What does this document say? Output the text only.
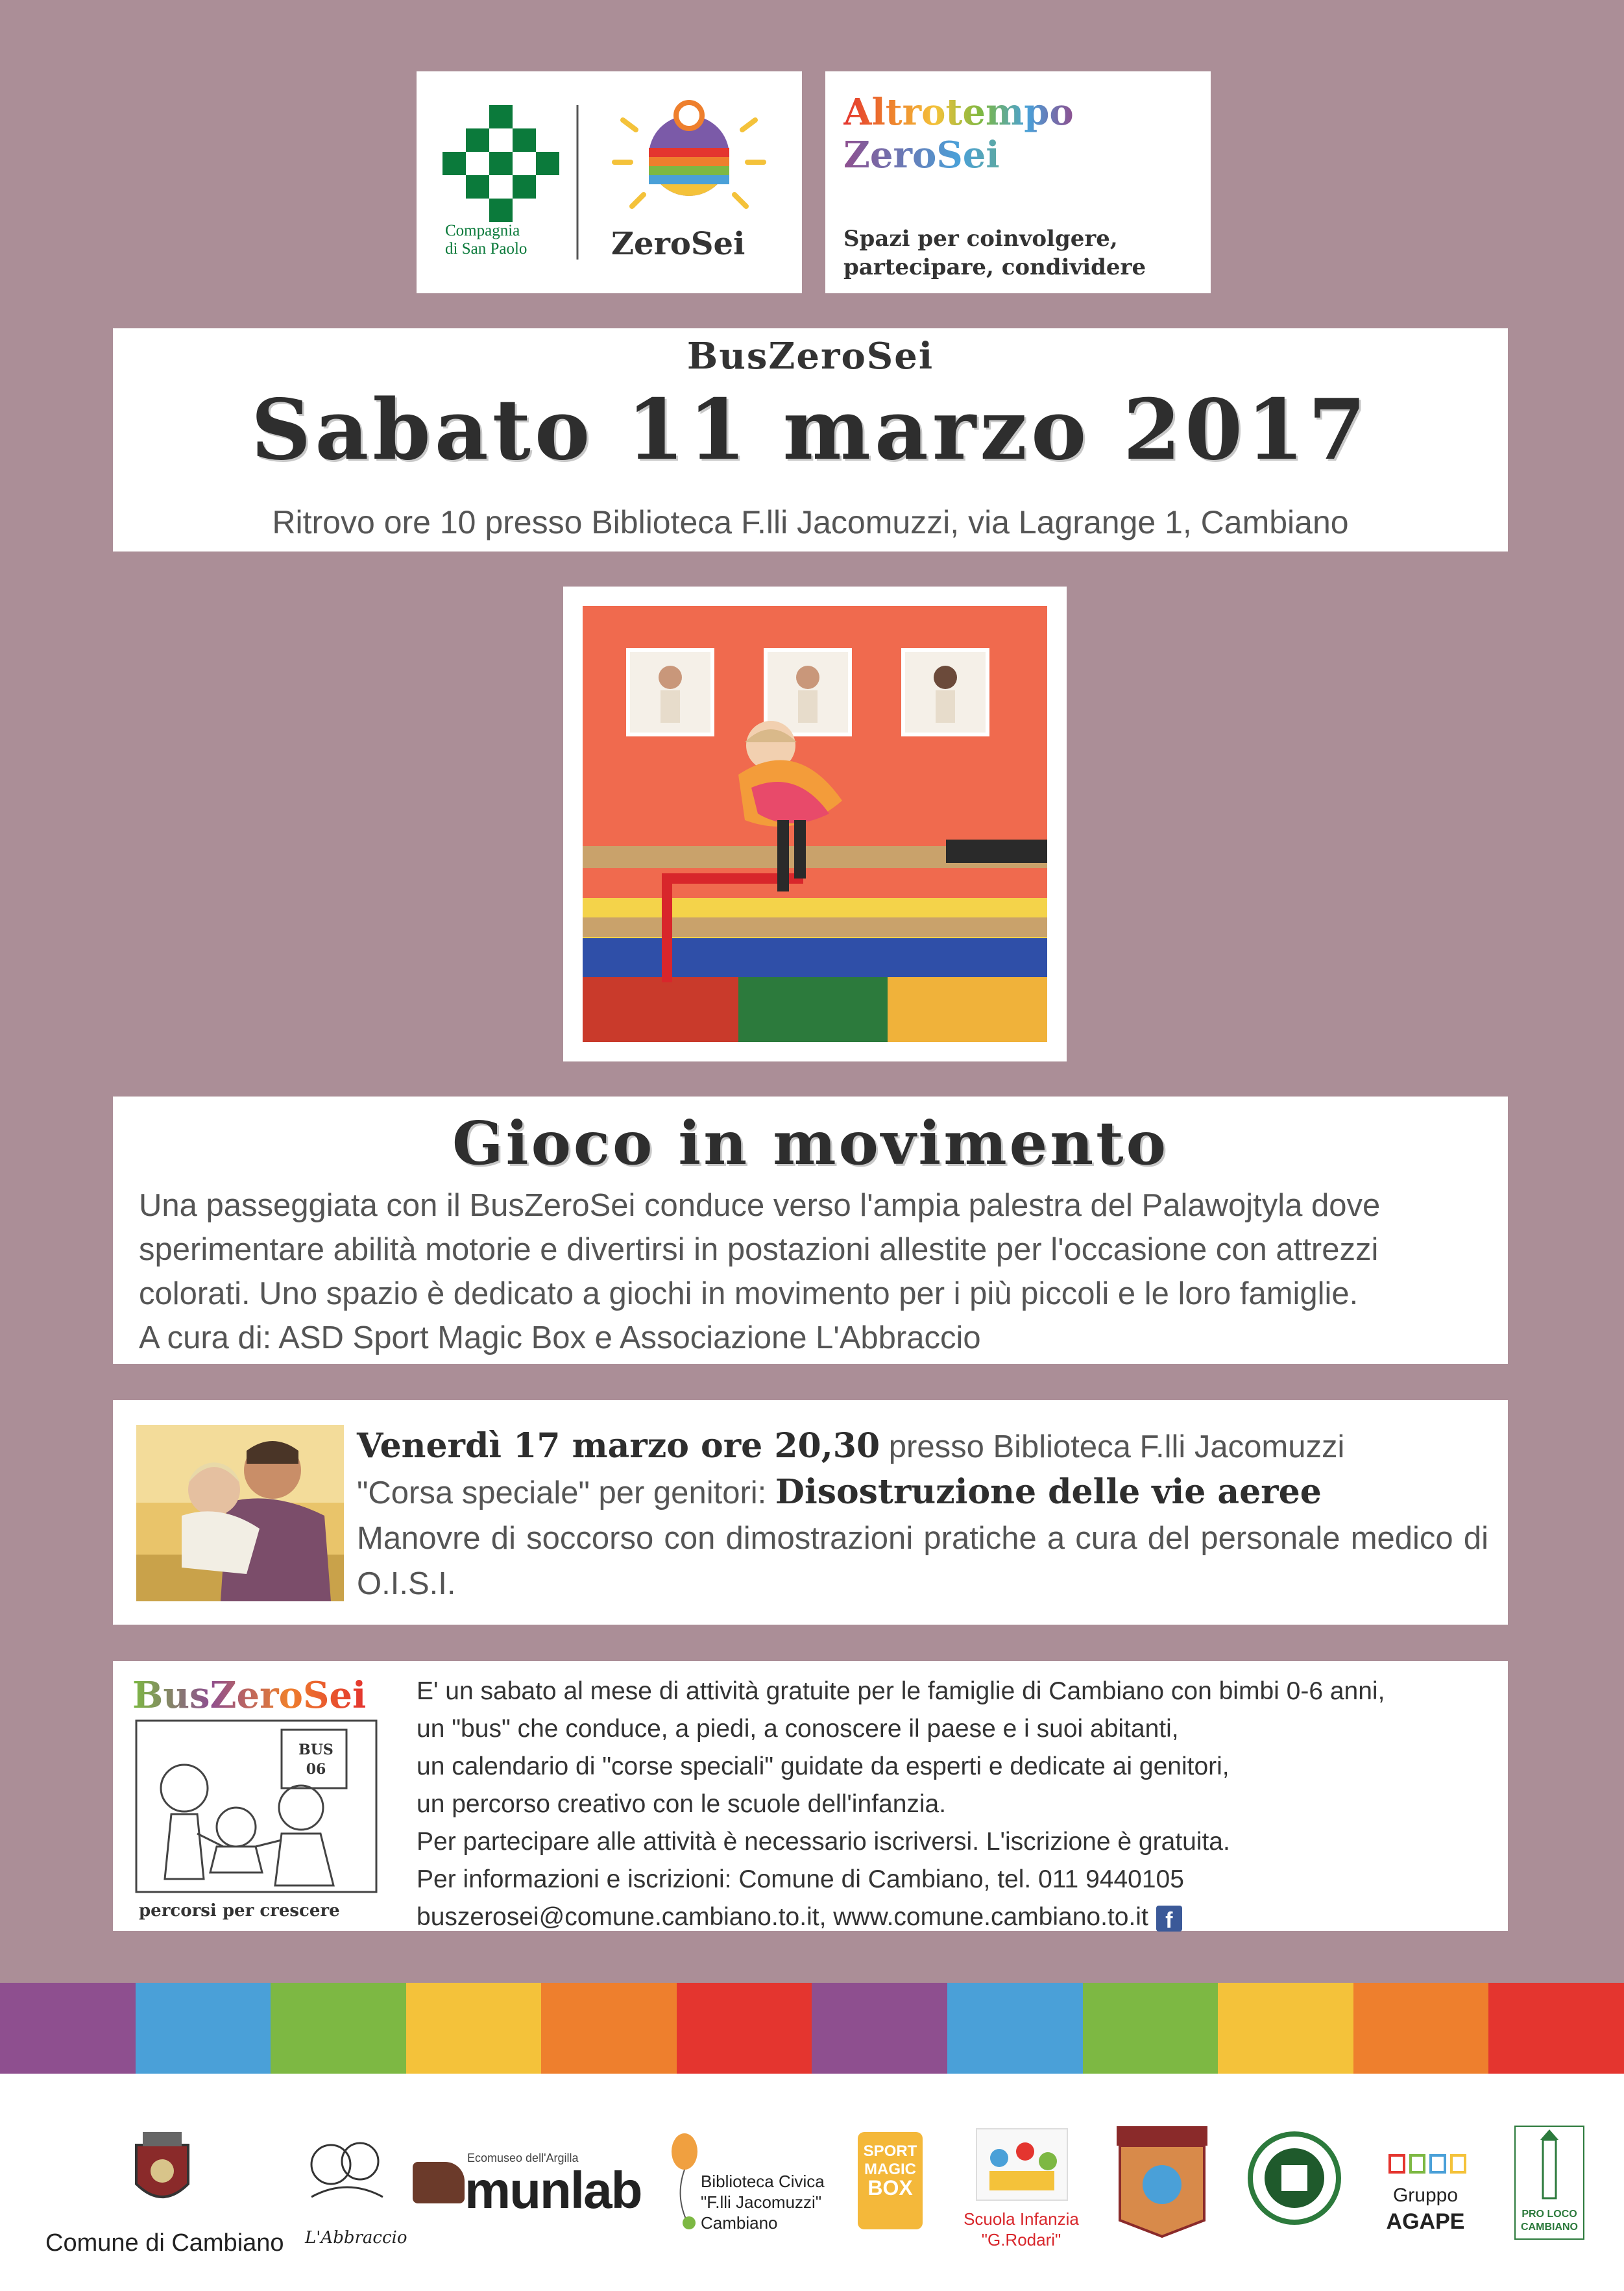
Compagnia
di San Paolo	ZeroSei
Altrotempo
ZeroSei
Spazi per coinvolgere,
partecipare, condividere
BusZeroSei
Sabato 11 marzo 2017
Ritrovo ore 10 presso Biblioteca F.lli Jacomuzzi, via Lagrange 1, Cambiano
Gioco in movimento
Una passeggiata con il BusZeroSei conduce verso l'ampia palestra del Palawojtyla dove
sperimentare abilità motorie e divertirsi in postazioni allestite per l'occasione con attrezzi
colorati. Uno spazio è dedicato a giochi in movimento per i più piccoli e le loro famiglie.
A cura di: ASD Sport Magic Box e Associazione L'Abbraccio
Venerdì 17 marzo ore 20,30 presso Biblioteca F.lli Jacomuzzi
"Corsa speciale" per genitori: Disostruzione delle vie aeree
Manovre di soccorso con dimostrazioni pratiche a cura del personale medico di O.I.S.I.
BusZeroSei
BUS
06
percorsi per crescere
E' un sabato al mese di attività gratuite per le famiglie di Cambiano con bimbi 0-6 anni,
un "bus" che conduce, a piedi, a conoscere il paese e i suoi abitanti,
un calendario di "corse speciali" guidate da esperti e dedicate ai genitori,
un percorso creativo con le scuole dell'infanzia.
Per partecipare alle attività è necessario iscriversi. L'iscrizione è gratuita.
Per informazioni e iscrizioni: Comune di Cambiano, tel. 011 9440105
buszerosei@comune.cambiano.to.it, www.comune.cambiano.to.it f
Comune di Cambiano L'Abbraccio
Ecomuseo dell'Argilla
munlab	Biblioteca Civica
"F.lli Jacomuzzi"
Cambiano
SPORT
MAGIC
BOX
Scuola Infanzia
"G.Rodari"
Gruppo
AGAPE	PRO LOCO
CAMBIANO
